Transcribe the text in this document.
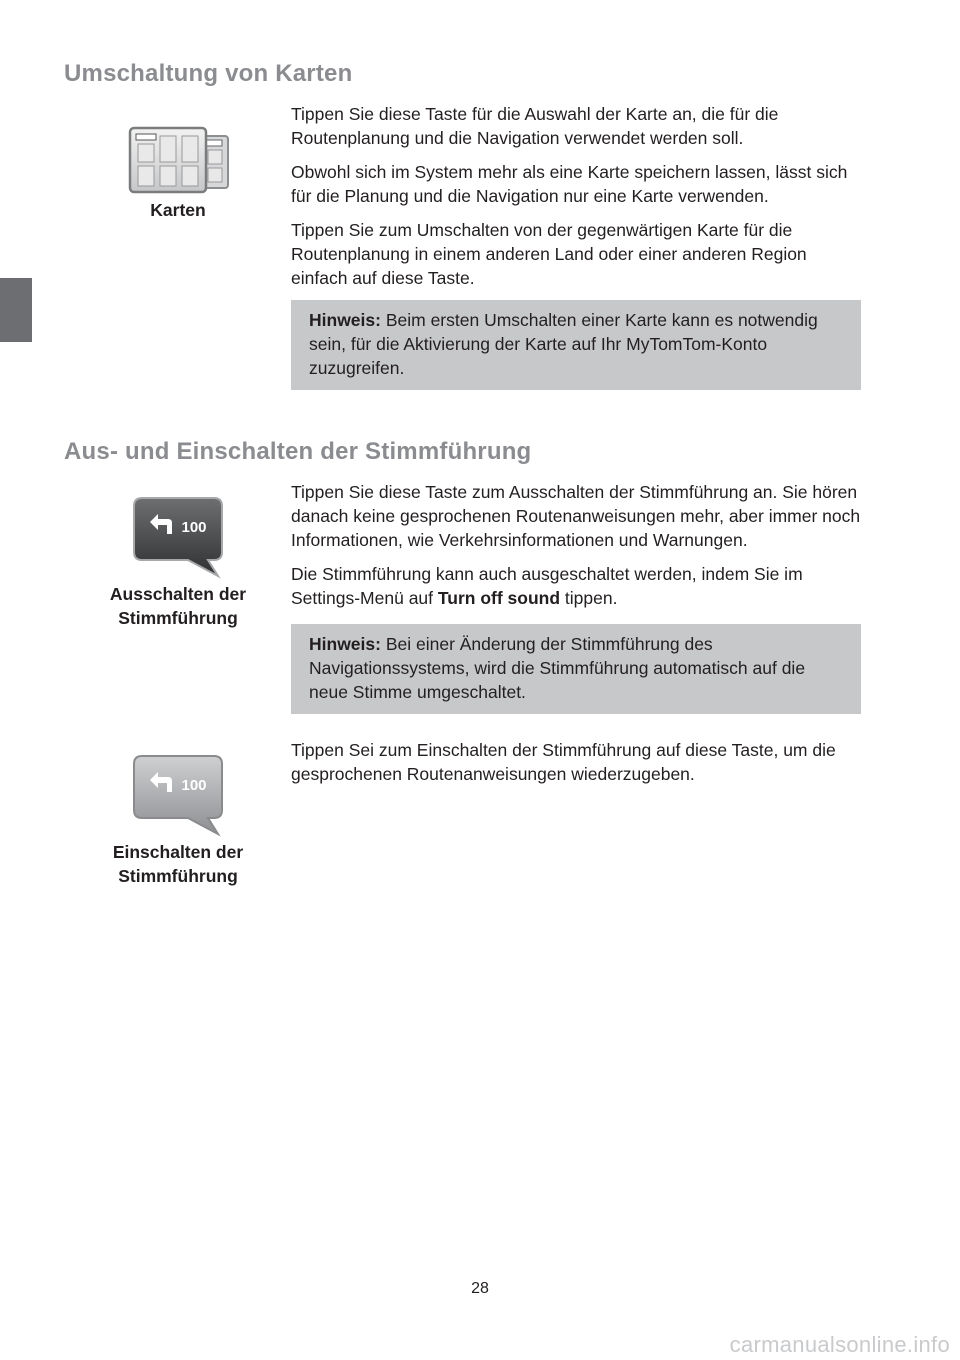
Umschaltung von Karten
Karten

Tippen Sie diese Taste für die Auswahl der Karte an, die für die Routenplanung und die Navigation verwendet werden soll.

Obwohl sich im System mehr als eine Karte speichern lassen, lässt sich für die Planung und die Navigation nur eine Karte verwenden.

Tippen Sie zum Umschalten von der gegenwärtigen Karte für die Routenplanung in einem anderen Land oder einer anderen Region einfach auf diese Taste.

Hinweis: Beim ersten Umschalten einer Karte kann es notwendig sein, für die Aktivierung der Karte auf Ihr MyTomTom-Konto zuzugreifen.

Aus- und Einschalten der Stimmführung
100
Ausschalten der
Stimmführung

Tippen Sie diese Taste zum Ausschalten der Stimmführung an. Sie hören danach keine gesprochenen Routenanweisungen mehr, aber immer noch Informationen, wie Verkehrsinformationen und Warnungen.

Die Stimmführung kann auch ausgeschaltet werden, indem Sie im Settings-Menü auf Turn off sound tippen.

Hinweis: Bei einer Änderung der Stimmführung des Navigationssystems, wird die Stimmführung automatisch auf die neue Stimme umgeschaltet.

100
Einschalten der
Stimmführung

Tippen Sei zum Einschalten der Stimmführung auf diese Taste, um die gesprochenen Routenanweisungen wiederzugeben.

28
carmanualsonline.info
